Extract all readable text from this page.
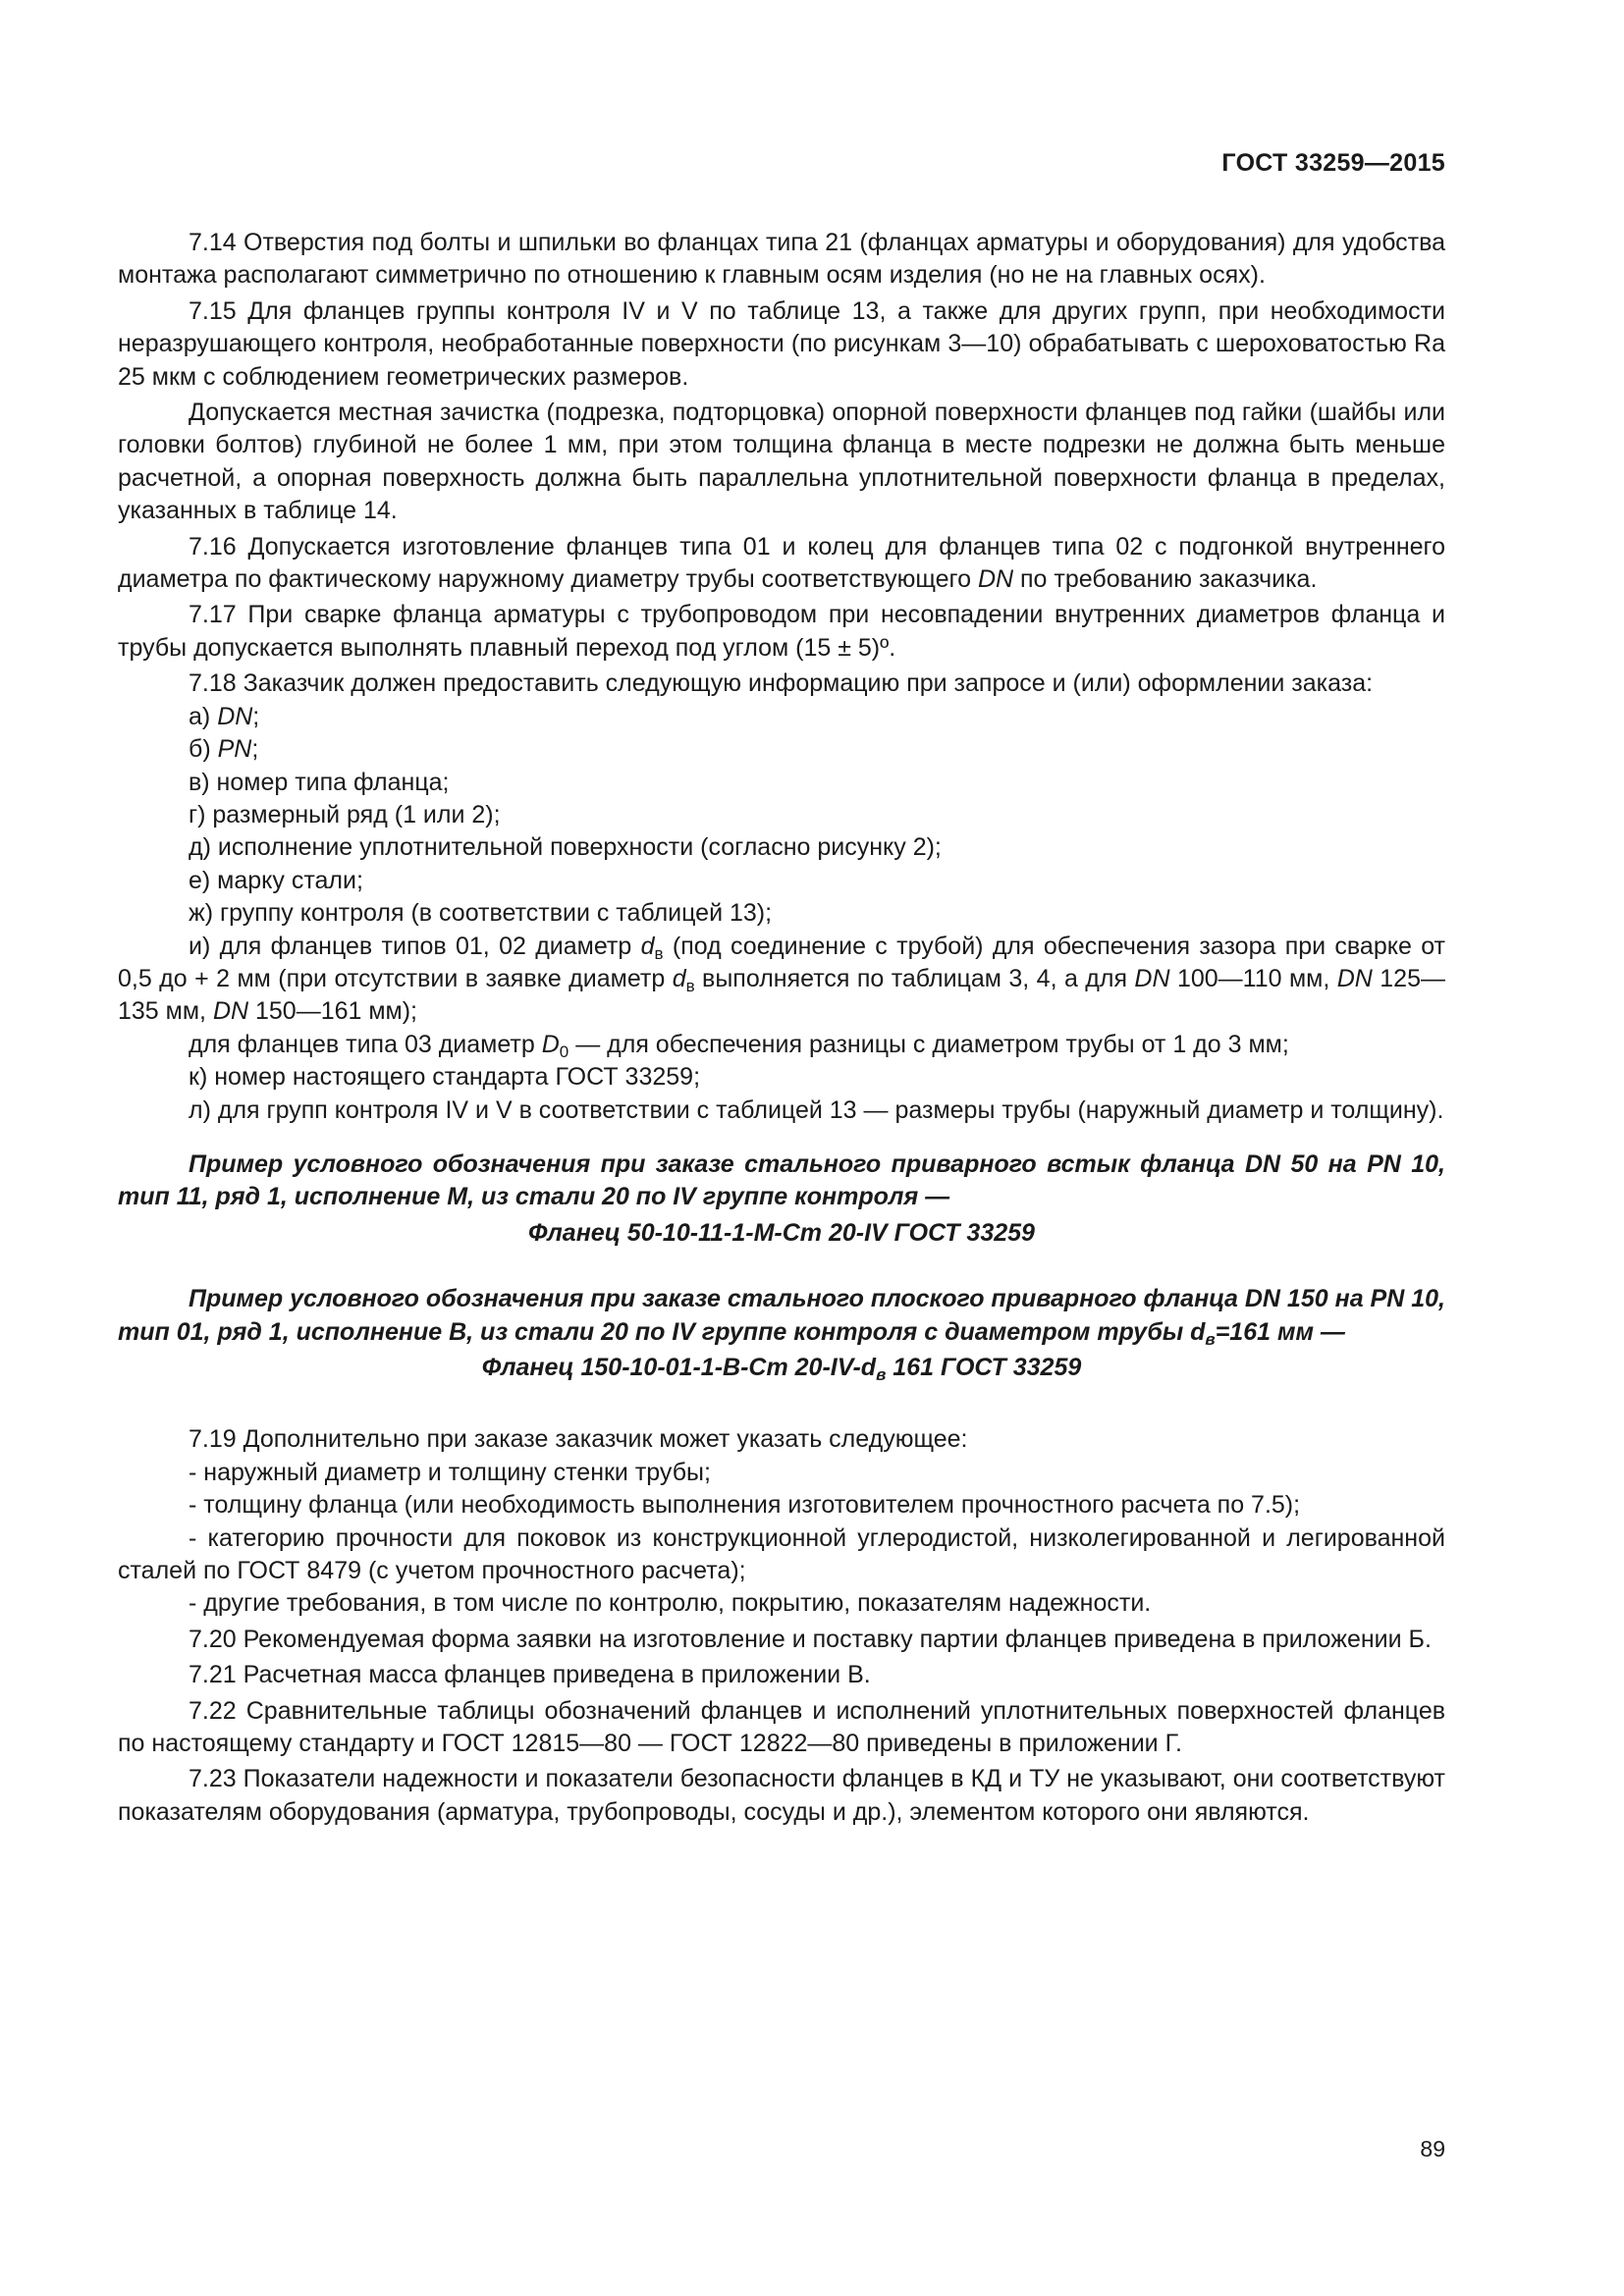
ГОСТ 33259—2015

7.14 Отверстия под болты и шпильки во фланцах типа 21 (фланцах арматуры и оборудования) для удобства монтажа располагают симметрично по отношению к главным осям изделия (но не на главных осях).

7.15 Для фланцев группы контроля IV и V по таблице 13, а также для других групп, при необходимости неразрушающего контроля, необработанные поверхности (по рисункам 3—10) обрабатывать с шероховатостью Ra 25 мкм с соблюдением геометрических размеров.

Допускается местная зачистка (подрезка, подторцовка) опорной поверхности фланцев под гайки (шайбы или головки болтов) глубиной не более 1 мм, при этом толщина фланца в месте подрезки не должна быть меньше расчетной, а опорная поверхность должна быть параллельна уплотнительной поверхности фланца в пределах, указанных в таблице 14.

7.16 Допускается изготовление фланцев типа 01 и колец для фланцев типа 02 с подгонкой внутреннего диаметра по фактическому наружному диаметру трубы соответствующего DN по требованию заказчика.

7.17 При сварке фланца арматуры с трубопроводом при несовпадении внутренних диаметров фланца и трубы допускается выполнять плавный переход под углом (15 ± 5)º.

7.18 Заказчик должен предоставить следующую информацию при запросе и (или) оформлении заказа:

а) DN;

б) PN;

в) номер типа фланца;

г) размерный ряд (1 или 2);

д) исполнение уплотнительной поверхности (согласно рисунку 2);

е) марку стали;

ж) группу контроля (в соответствии с таблицей 13);

и) для фланцев типов 01, 02 диаметр $d_в$ (под соединение с трубой) для обеспечения зазора при сварке от 0,5 до + 2 мм (при отсутствии в заявке диаметр $d_в$ выполняется по таблицам 3, 4, а для DN 100—110 мм, DN 125—135 мм, DN 150—161 мм);

для фланцев типа 03 диаметр $D_0$ — для обеспечения разницы с диаметром трубы от 1 до 3 мм;

к) номер настоящего стандарта ГОСТ 33259;

л) для групп контроля IV и V в соответствии с таблицей 13 — размеры трубы (наружный диаметр и толщину).

Пример условного обозначения при заказе стального приварного встык фланца DN 50 на PN 10, тип 11, ряд 1, исполнение М, из стали 20 по IV группе контроля —

Фланец 50-10-11-1-М-Ст 20-IV ГОСТ 33259

Пример условного обозначения при заказе стального плоского приварного фланца DN 150 на PN 10, тип 01, ряд 1, исполнение В, из стали 20 по IV группе контроля с диаметром трубы $d_в=161$ мм —

Фланец 150-10-01-1-В-Ст $20-IV-d_в$ 161 ГОСТ 33259

7.19 Дополнительно при заказе заказчик может указать следующее:

- наружный диаметр и толщину стенки трубы;

- толщину фланца (или необходимость выполнения изготовителем прочностного расчета по 7.5);

- категорию прочности для поковок из конструкционной углеродистой, низколегированной и легированной сталей по ГОСТ 8479 (с учетом прочностного расчета);

- другие требования, в том числе по контролю, покрытию, показателям надежности.

7.20 Рекомендуемая форма заявки на изготовление и поставку партии фланцев приведена в приложении Б.

7.21 Расчетная масса фланцев приведена в приложении В.

7.22 Сравнительные таблицы обозначений фланцев и исполнений уплотнительных поверхностей фланцев по настоящему стандарту и ГОСТ 12815—80 — ГОСТ 12822—80 приведены в приложении Г.

7.23 Показатели надежности и показатели безопасности фланцев в КД и ТУ не указывают, они соответствуют показателям оборудования (арматура, трубопроводы, сосуды и др.), элементом которого они являются.

89
